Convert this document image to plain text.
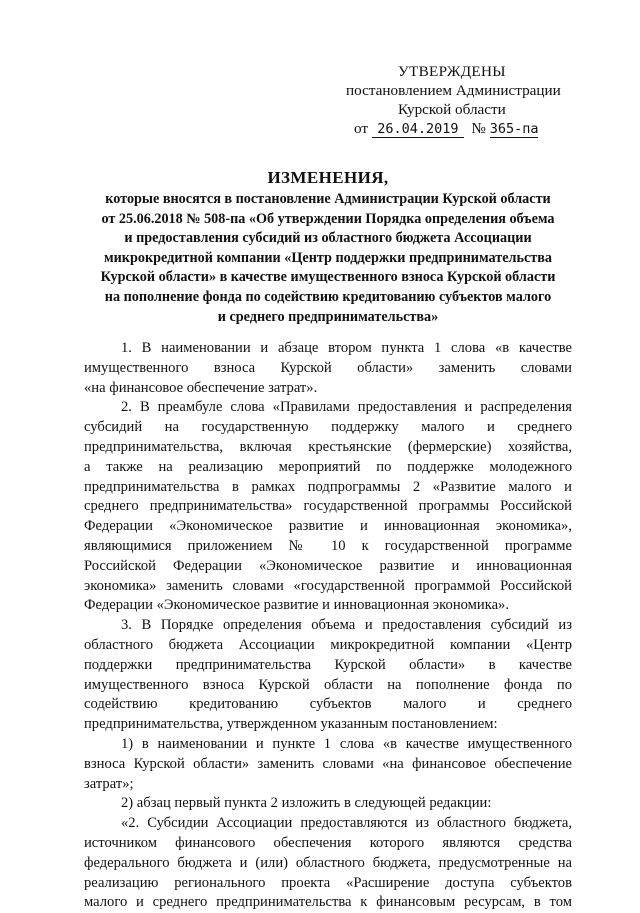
УТВЕРЖДЕНЫ
постановлением Администрации
Курской области
от 26.04.2019 № 365-па
ИЗМЕНЕНИЯ,
которые вносятся в постановление Администрации Курской области
от 25.06.2018 № 508-па «Об утверждении Порядка определения объема
и предоставления субсидий из областного бюджета Ассоциации
микрокредитной компании «Центр поддержки предпринимательства
Курской области» в качестве имущественного взноса Курской области
на пополнение фонда по содействию кредитованию субъектов малого
и среднего предпринимательства»
1. В наименовании и абзаце втором пункта 1 слова «в качестве
имущественного взноса Курской области» заменить словами
«на финансовое обеспечение затрат».
2. В преамбуле слова «Правилами предоставления и распределения
субсидий на государственную поддержку малого и среднего
предпринимательства, включая крестьянские (фермерские) хозяйства,
а также на реализацию мероприятий по поддержке молодежного
предпринимательства в рамках подпрограммы 2 «Развитие малого и
среднего предпринимательства» государственной программы Российской
Федерации «Экономическое развитие и инновационная экономика»,
являющимися приложением № 10 к государственной программе
Российской Федерации «Экономическое развитие и инновационная
экономика» заменить словами «государственной программой Российской
Федерации «Экономическое развитие и инновационная экономика».
3. В Порядке определения объема и предоставления субсидий из
областного бюджета Ассоциации микрокредитной компании «Центр
поддержки предпринимательства Курской области» в качестве
имущественного взноса Курской области на пополнение фонда по
содействию кредитованию субъектов малого и среднего
предпринимательства, утвержденном указанным постановлением:
1) в наименовании и пункте 1 слова «в качестве имущественного
взноса Курской области» заменить словами «на финансовое обеспечение
затрат»;
2) абзац первый пункта 2 изложить в следующей редакции:
«2. Субсидии Ассоциации предоставляются из областного бюджета,
источником финансового обеспечения которого являются средства
федерального бюджета и (или) областного бюджета, предусмотренные на
реализацию регионального проекта «Расширение доступа субъектов
малого и среднего предпринимательства к финансовым ресурсам, в том
